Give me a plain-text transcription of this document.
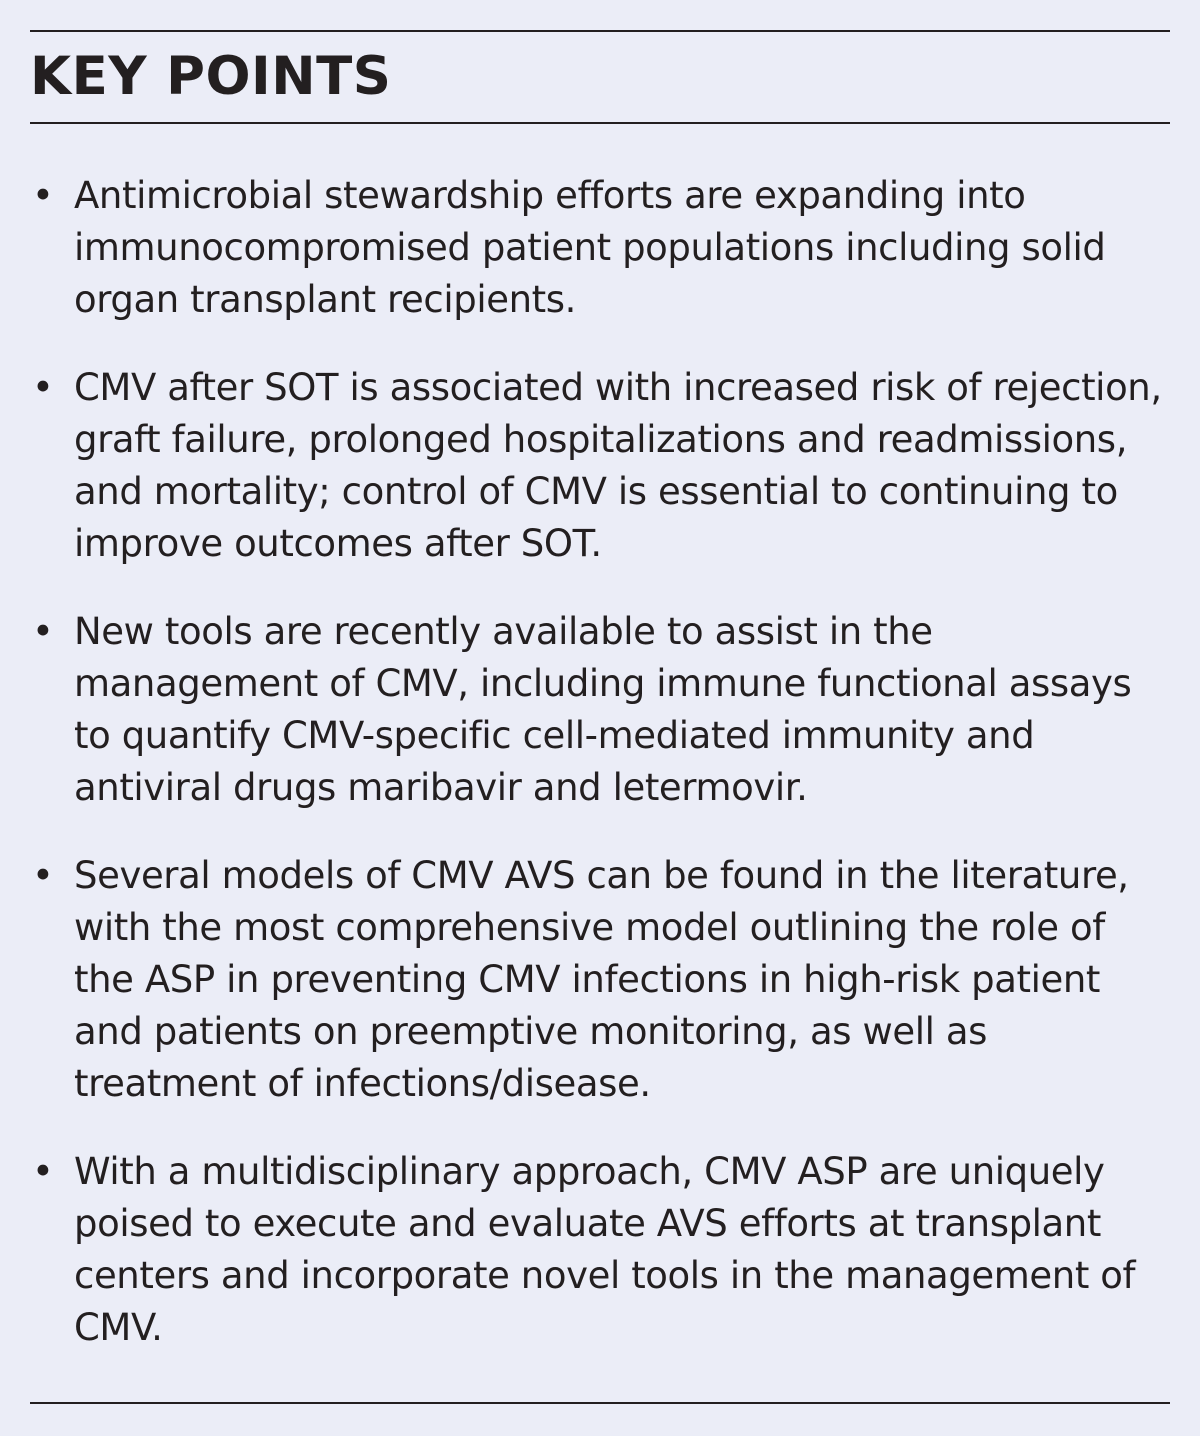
KEY POINTS
• Antimicrobial stewardship efforts are expanding into immunocompromised patient populations including solid organ transplant recipients.
• CMV after SOT is associated with increased risk of rejection, graft failure, prolonged hospitalizations and readmissions, and mortality; control of CMV is essential to continuing to improve outcomes after SOT.
• New tools are recently available to assist in the management of CMV, including immune functional assays to quantify CMV-specific cell-mediated immunity and antiviral drugs maribavir and letermovir.
• Several models of CMV AVS can be found in the literature, with the most comprehensive model outlining the role of the ASP in preventing CMV infections in high-risk patient and patients on preemptive monitoring, as well as treatment of infections/disease.
• With a multidisciplinary approach, CMV ASP are uniquely poised to execute and evaluate AVS efforts at transplant centers and incorporate novel tools in the management of CMV.
